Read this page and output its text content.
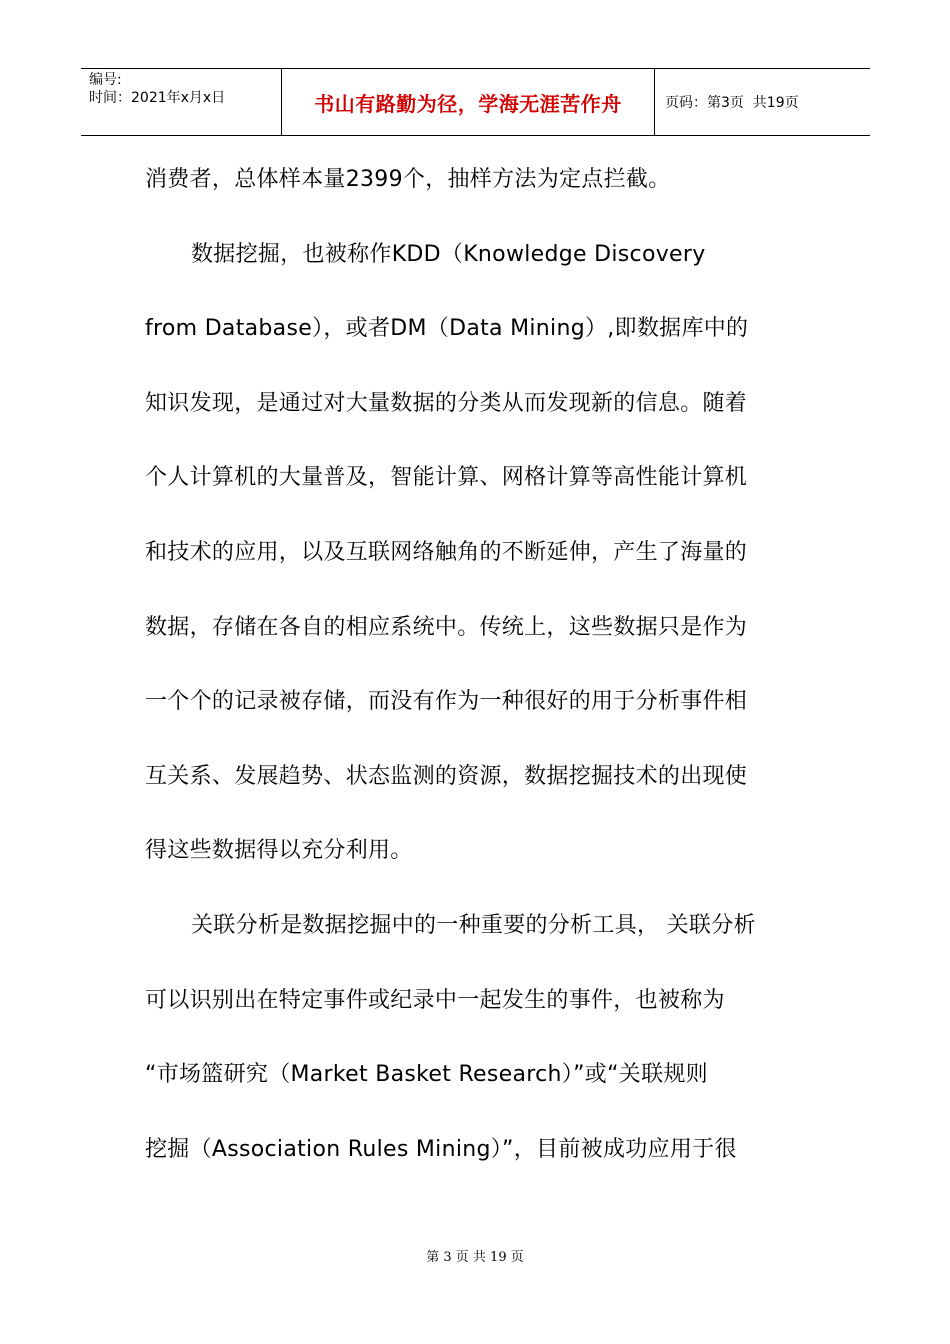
编号:
时间：2021年x月x日	书山有路勤为径，学海无涯苦作舟	页码：第3页  共19页
消费者，总体样本量2399个，抽样方法为定点拦截。
数据挖掘，也被称作KDD（Knowledge Discovery
from Database），或者DM（Data Mining）,即数据库中的
知识发现，是通过对大量数据的分类从而发现新的信息。随着
个人计算机的大量普及，智能计算、网格计算等高性能计算机
和技术的应用，以及互联网络触角的不断延伸，产生了海量的
数据，存储在各自的相应系统中。传统上，这些数据只是作为
一个个的记录被存储，而没有作为一种很好的用于分析事件相
互关系、发展趋势、状态监测的资源，数据挖掘技术的出现使
得这些数据得以充分利用。
关联分析是数据挖掘中的一种重要的分析工具， 关联分析
可以识别出在特定事件或纪录中一起发生的事件，也被称为
“市场篮研究（Market Basket Research）”或“关联规则
挖掘（Association Rules Mining）”，目前被成功应用于很
第 3 页 共 19 页
